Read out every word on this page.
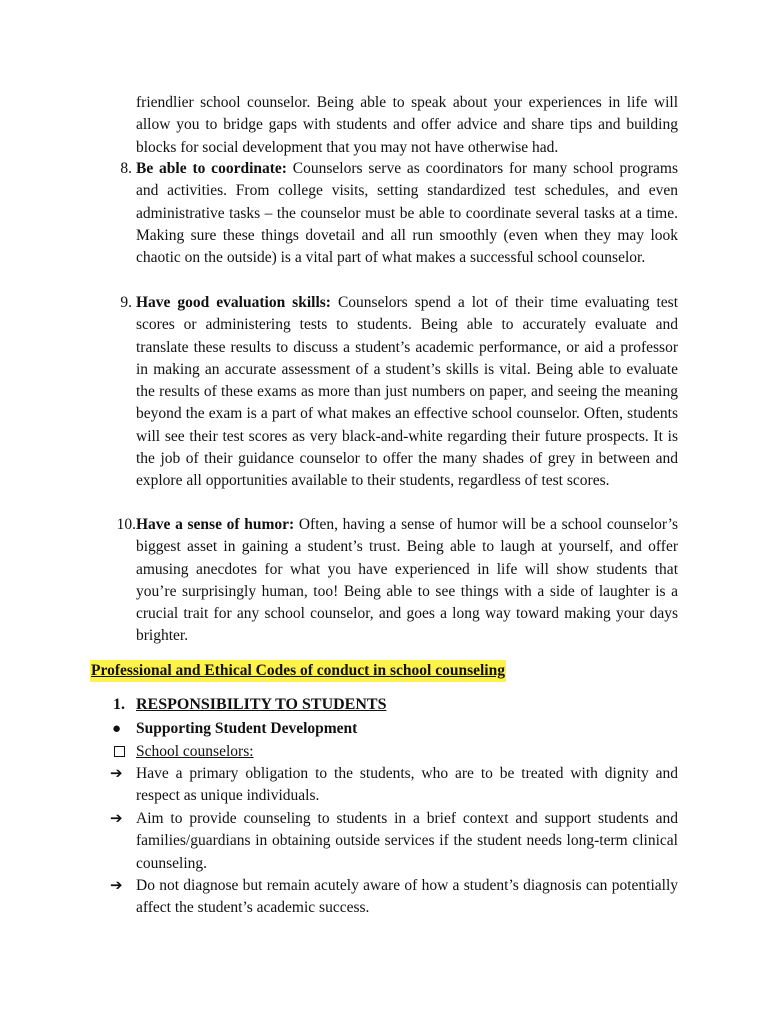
friendlier school counselor. Being able to speak about your experiences in life will allow you to bridge gaps with students and offer advice and share tips and building blocks for social development that you may not have otherwise had.
8. Be able to coordinate: Counselors serve as coordinators for many school programs and activities. From college visits, setting standardized test schedules, and even administrative tasks – the counselor must be able to coordinate several tasks at a time. Making sure these things dovetail and all run smoothly (even when they may look chaotic on the outside) is a vital part of what makes a successful school counselor.
9. Have good evaluation skills: Counselors spend a lot of their time evaluating test scores or administering tests to students. Being able to accurately evaluate and translate these results to discuss a student’s academic performance, or aid a professor in making an accurate assessment of a student’s skills is vital. Being able to evaluate the results of these exams as more than just numbers on paper, and seeing the meaning beyond the exam is a part of what makes an effective school counselor. Often, students will see their test scores as very black-and-white regarding their future prospects. It is the job of their guidance counselor to offer the many shades of grey in between and explore all opportunities available to their students, regardless of test scores.
10. Have a sense of humor: Often, having a sense of humor will be a school counselor’s biggest asset in gaining a student’s trust. Being able to laugh at yourself, and offer amusing anecdotes for what you have experienced in life will show students that you’re surprisingly human, too! Being able to see things with a side of laughter is a crucial trait for any school counselor, and goes a long way toward making your days brighter.
Professional and Ethical Codes of conduct in school counseling
1. RESPONSIBILITY TO STUDENTS
● Supporting Student Development
School counselors:
➔ Have a primary obligation to the students, who are to be treated with dignity and respect as unique individuals.
➔ Aim to provide counseling to students in a brief context and support students and families/guardians in obtaining outside services if the student needs long-term clinical counseling.
➔ Do not diagnose but remain acutely aware of how a student’s diagnosis can potentially affect the student’s academic success.
